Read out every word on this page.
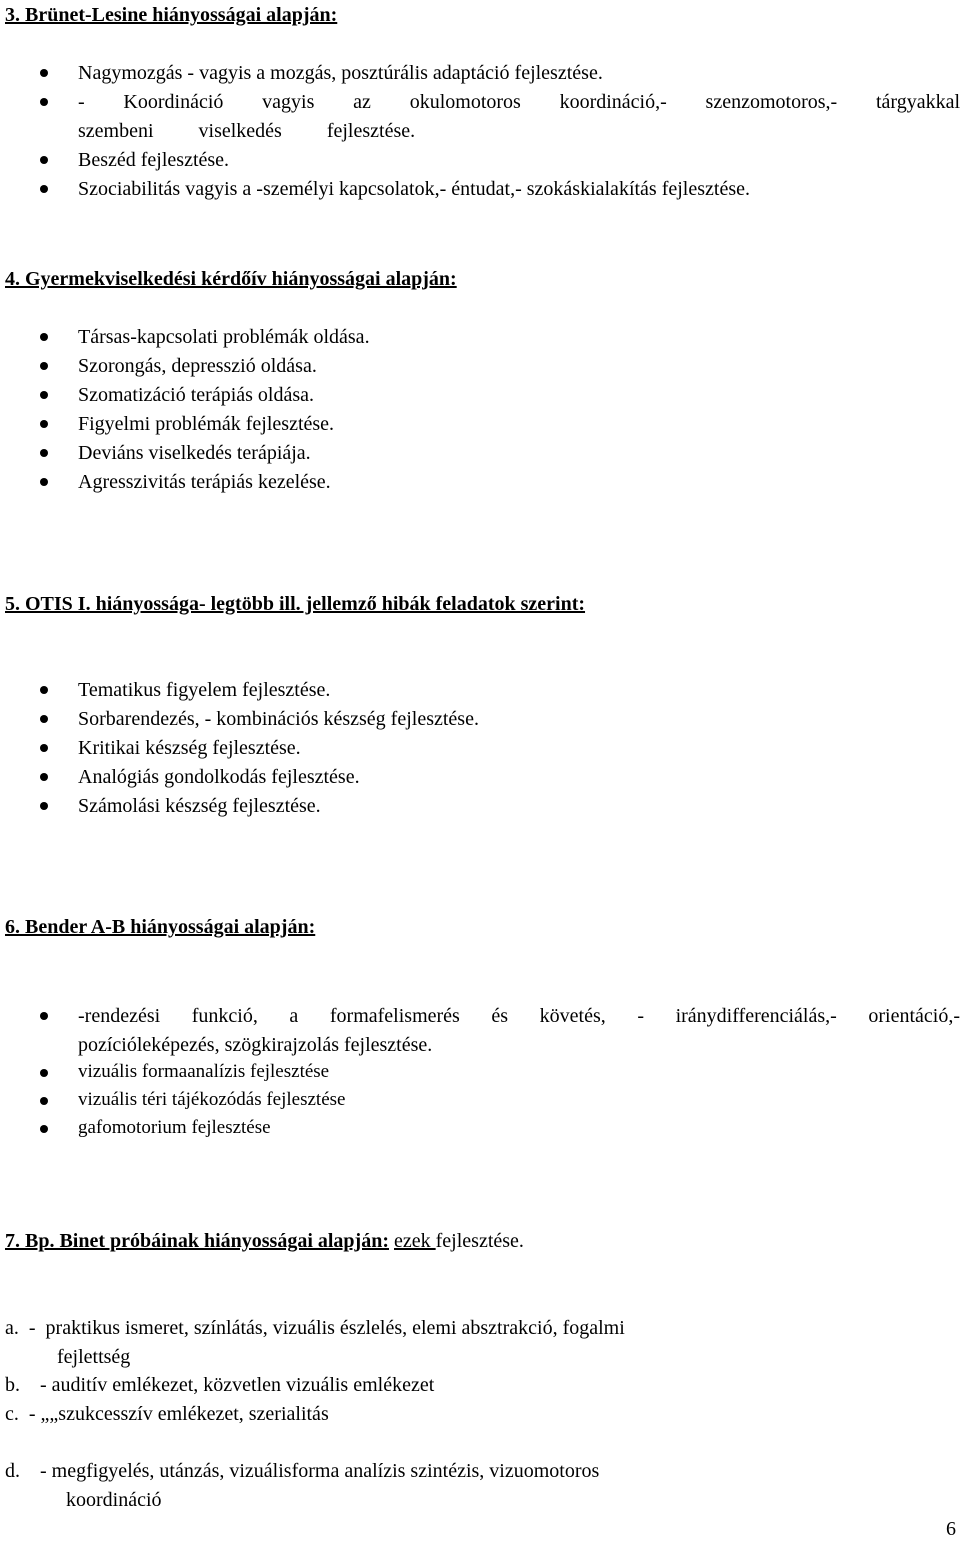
3. Brünet-Lesine hiányosságai alapján:
Nagymozgás - vagyis a mozgás, posztúrális adaptáció fejlesztése.
- Koordináció vagyis az okulomotoros koordináció,- szenzomotoros,- tárgyakkal
szembeni viselkedés fejlesztése.
Beszéd fejlesztése.
Szociabilitás vagyis a -személyi kapcsolatok,- éntudat,- szokáskialakítás fejlesztése.
4. Gyermekviselkedési kérdőív hiányosságai alapján:
Társas-kapcsolati problémák oldása.
Szorongás, depresszió oldása.
Szomatizáció terápiás oldása.
Figyelmi problémák fejlesztése.
Deviáns viselkedés terápiája.
Agresszivitás terápiás kezelése.
5. OTIS I. hiányossága- legtöbb ill. jellemző hibák feladatok szerint:
Tematikus figyelem fejlesztése.
Sorbarendezés, - kombinációs készség fejlesztése.
Kritikai készség fejlesztése.
Analógiás gondolkodás fejlesztése.
Számolási készség fejlesztése.
6. Bender A-B hiányosságai alapján:
-rendezési funkció, a formafelismerés és követés, - iránydifferenciálás,- orientáció,-
pozícióleképezés, szögkirajzolás fejlesztése.
vizuális formaanalízis fejlesztése
vizuális téri tájékozódás fejlesztése
gafomotorium fejlesztése
7. Bp. Binet próbáinak hiányosságai alapján: ezek fejlesztése.
a.  -  praktikus ismeret, színlátás, vizuális észlelés, elemi absztrakció, fogalmi
fejlettség
b.    - auditív emlékezet, közvetlen vizuális emlékezet
c.  - „„szukcesszív emlékezet, szerialitás
d.    - megfigyelés, utánzás, vizuálisforma analízis szintézis, vizuomotoros
koordináció
6
